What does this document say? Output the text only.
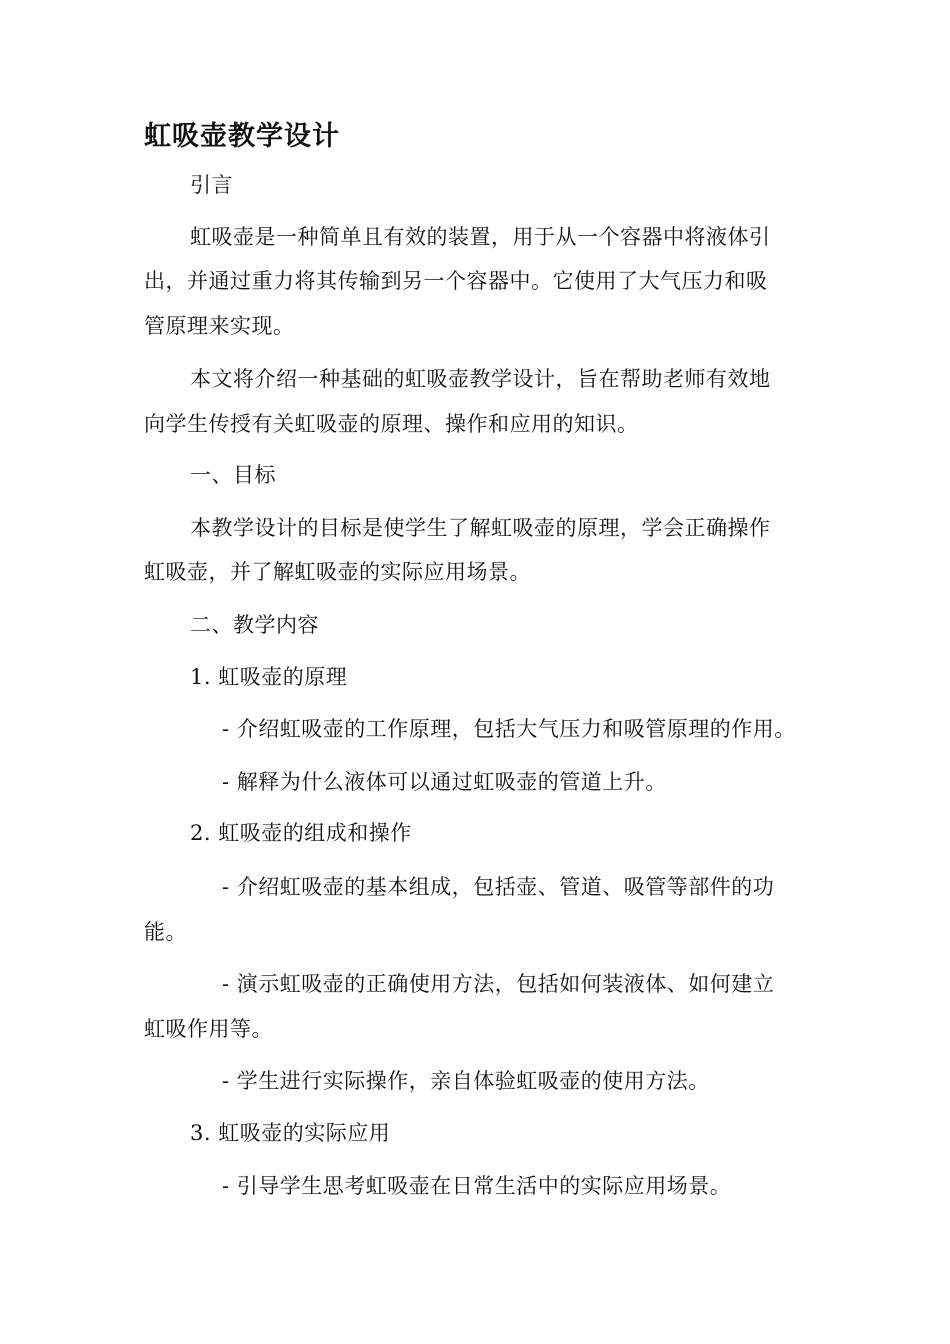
虹吸壶教学设计

引言

虹吸壶是一种简单且有效的装置，用于从一个容器中将液体引

出，并通过重力将其传输到另一个容器中。它使用了大气压力和吸

管原理来实现。

本文将介绍一种基础的虹吸壶教学设计，旨在帮助老师有效地

向学生传授有关虹吸壶的原理、操作和应用的知识。

一、目标

本教学设计的目标是使学生了解虹吸壶的原理，学会正确操作

虹吸壶，并了解虹吸壶的实际应用场景。

二、教学内容

1. 虹吸壶的原理

- 介绍虹吸壶的工作原理，包括大气压力和吸管原理的作用。

- 解释为什么液体可以通过虹吸壶的管道上升。

2. 虹吸壶的组成和操作

- 介绍虹吸壶的基本组成，包括壶、管道、吸管等部件的功

能。

- 演示虹吸壶的正确使用方法，包括如何装液体、如何建立

虹吸作用等。

- 学生进行实际操作，亲自体验虹吸壶的使用方法。

3. 虹吸壶的实际应用

- 引导学生思考虹吸壶在日常生活中的实际应用场景。
